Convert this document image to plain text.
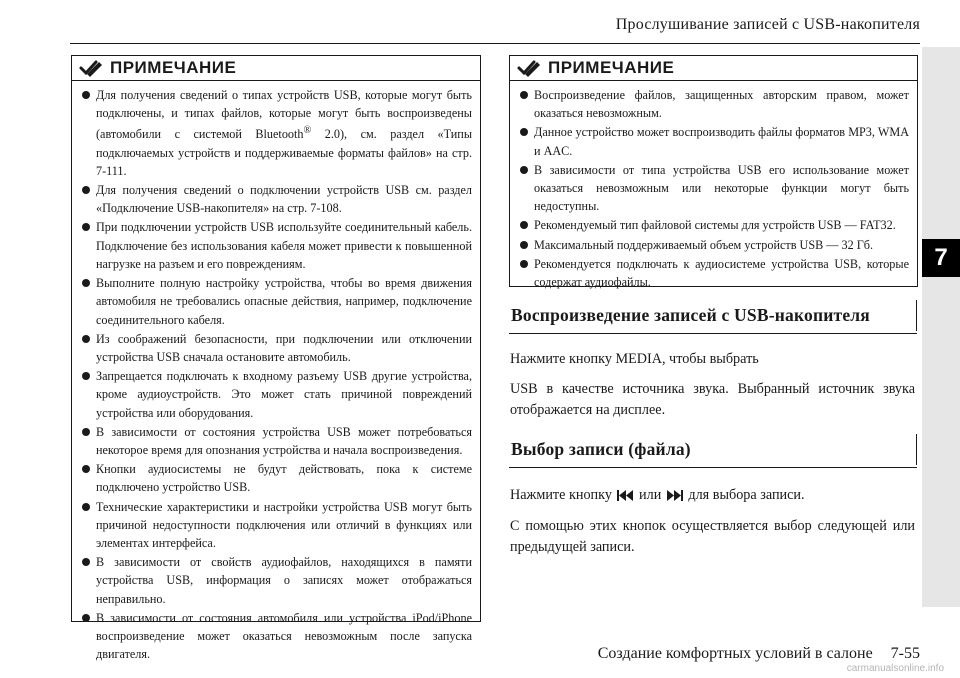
Прослушивание записей с USB-накопителя
7
ПРИМЕЧАНИЕ
Для получения сведений о типах устройств USB, которые могут быть подключены, и типах файлов, которые могут быть воспроизведены (автомобили с системой Bluetooth® 2.0), см. раздел «Типы подключаемых устройств и поддерживаемые форматы файлов» на стр. 7-111.
Для получения сведений о подключении устройств USB см. раздел «Подключение USB-накопителя» на стр. 7-108.
При подключении устройств USB используйте соединительный кабель. Подключение без использования кабеля может привести к повышенной нагрузке на разъем и его повреждениям.
Выполните полную настройку устройства, чтобы во время движения автомобиля не требовались опасные действия, например, подключение соединительного кабеля.
Из соображений безопасности, при подключении или отключении устройства USB сначала остановите автомобиль.
Запрещается подключать к входному разъему USB другие устройства, кроме аудиоустройств. Это может стать причиной повреждений устройства или оборудования.
В зависимости от состояния устройства USB может потребоваться некоторое время для опознания устройства и начала воспроизведения.
Кнопки аудиосистемы не будут действовать, пока к системе подключено устройство USB.
Технические характеристики и настройки устройства USB могут быть причиной недоступности подключения или отличий в функциях или элементах интерфейса.
В зависимости от свойств аудиофайлов, находящихся в памяти устройства USB, информация о записях может отображаться неправильно.
В зависимости от состояния автомобиля или устройства iPod/iPhone воспроизведение может оказаться невозможным после запуска двигателя.
ПРИМЕЧАНИЕ
Воспроизведение файлов, защищенных авторским правом, может оказаться невозможным.
Данное устройство может воспроизводить файлы форматов MP3, WMA и AAC.
В зависимости от типа устройства USB его использование может оказаться невозможным или некоторые функции могут быть недоступны.
Рекомендуемый тип файловой системы для устройств USB — FAT32.
Максимальный поддерживаемый объем устройств USB — 32 Гб.
Рекомендуется подключать к аудиосистеме устройства USB, которые содержат аудиофайлы.
Воспроизведение записей с USB-накопителя

Нажмите кнопку MEDIA, чтобы выбрать

USB в качестве источника звука. Выбранный источник звука отображается на дисплее.

Выбор записи (файла)

Нажмите кнопку или для выбора записи.

С помощью этих кнопок осуществляется выбор следующей или предыдущей записи.

Создание комфортных условий в салоне 7-55
carmanualsonline.info
